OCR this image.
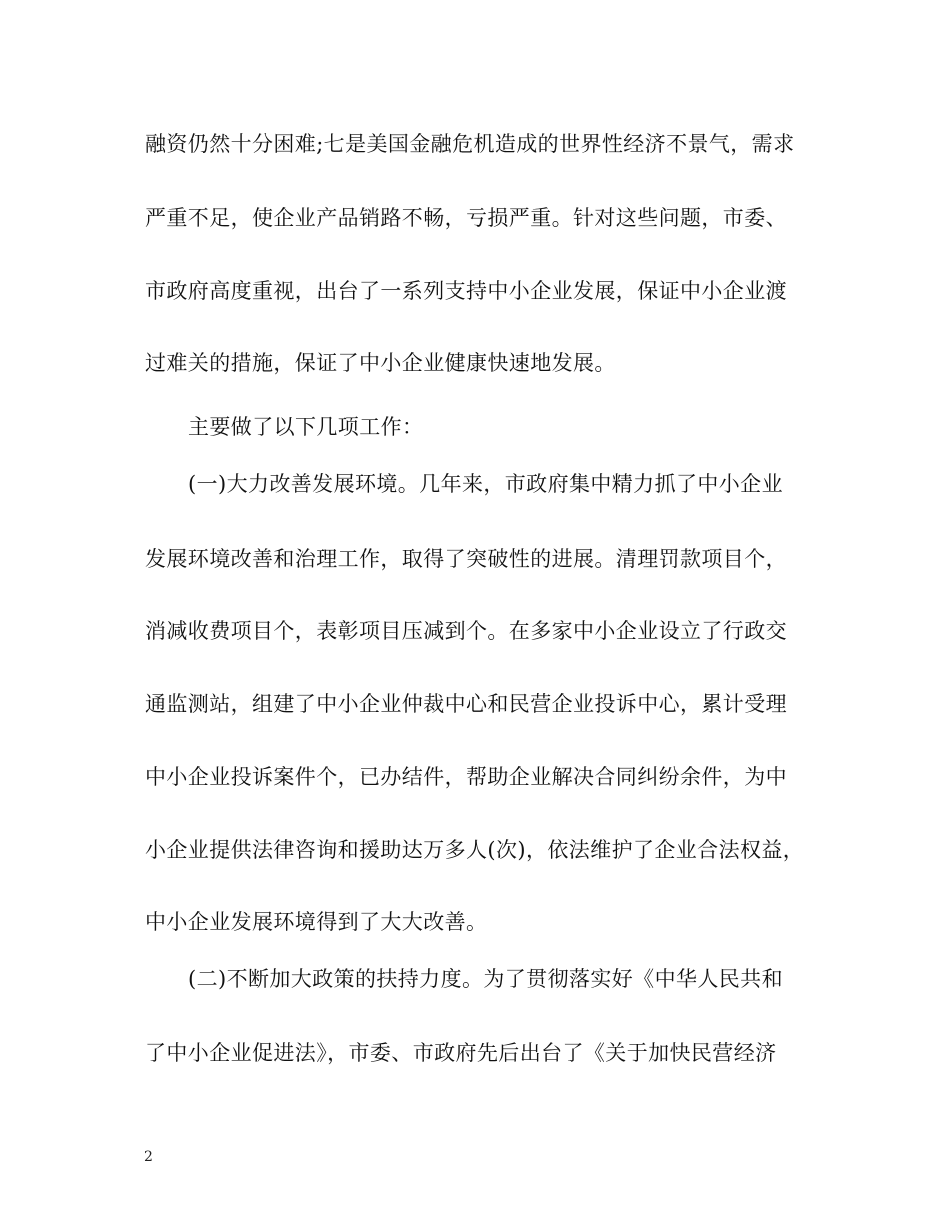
融资仍然十分困难;七是美国金融危机造成的世界性经济不景气，需求
严重不足，使企业产品销路不畅，亏损严重。针对这些问题，市委、
市政府高度重视，出台了一系列支持中小企业发展，保证中小企业渡
过难关的措施，保证了中小企业健康快速地发展。
主要做了以下几项工作：
(一)大力改善发展环境。几年来，市政府集中精力抓了中小企业
发展环境改善和治理工作，取得了突破性的进展。清理罚款项目个，
消减收费项目个，表彰项目压减到个。在多家中小企业设立了行政交
通监测站，组建了中小企业仲裁中心和民营企业投诉中心，累计受理
中小企业投诉案件个，已办结件，帮助企业解决合同纠纷余件，为中
小企业提供法律咨询和援助达万多人(次)，依法维护了企业合法权益，
中小企业发展环境得到了大大改善。
(二)不断加大政策的扶持力度。为了贯彻落实好《中华人民共和
了中小企业促进法》，市委、市政府先后出台了《关于加快民营经济
2
